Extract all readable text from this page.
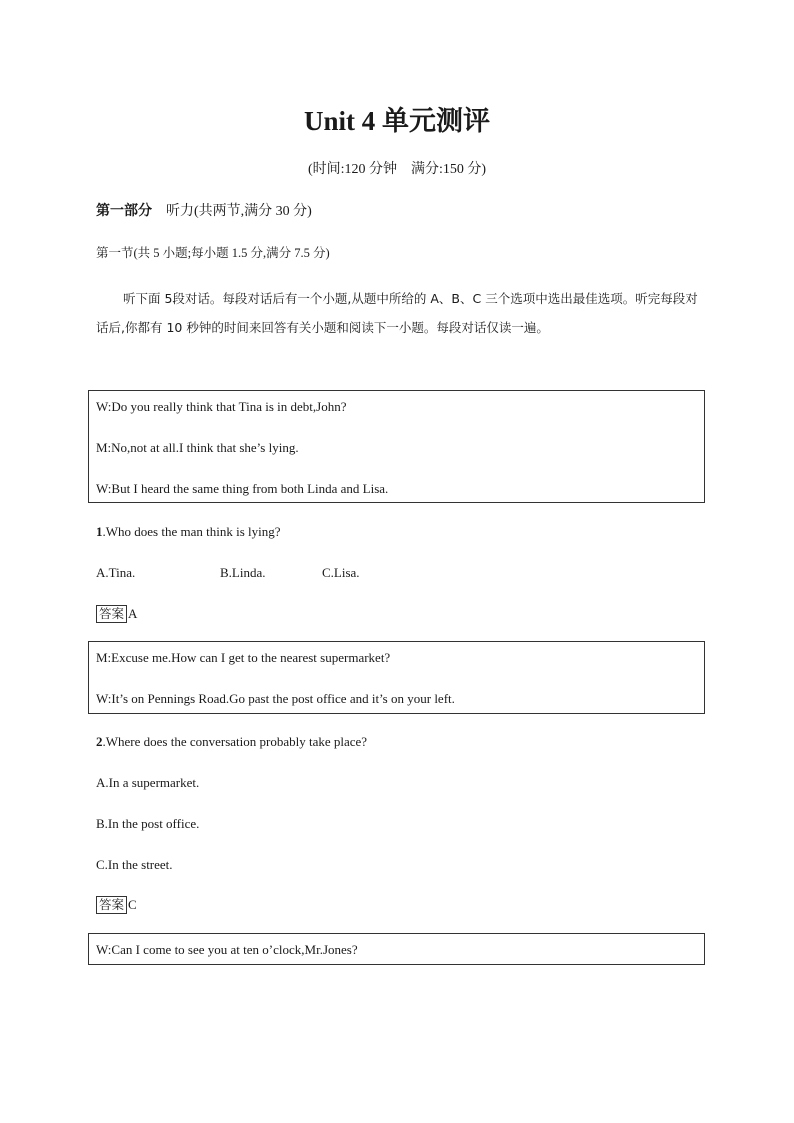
Unit 4 单元测评
(时间:120 分钟　满分:150 分)
第一部分 听力(共两节,满分 30 分)
第一节(共 5 小题;每小题 1.5 分,满分 7.5 分)
听下面 5段对话。每段对话后有一个小题,从题中所给的 A、B、C 三个选项中选出最佳选项。听完每段对话后,你都有 10 秒钟的时间来回答有关小题和阅读下一小题。每段对话仅读一遍。

W:Do you really think that Tina is in debt,John?

M:No,not at all.I think that she’s lying.

W:But I heard the same thing from both Linda and Lisa.

1.Who does the man think is lying?
A.Tina.	B.Linda.	C.Lisa.
答案 A

M:Excuse me.How can I get to the nearest supermarket?

W:It’s on Pennings Road.Go past the post office and it’s on your left.

2.Where does the conversation probably take place?
A.In a supermarket.
B.In the post office.
C.In the street.
答案 C

W:Can I come to see you at ten o’clock,Mr.Jones?
